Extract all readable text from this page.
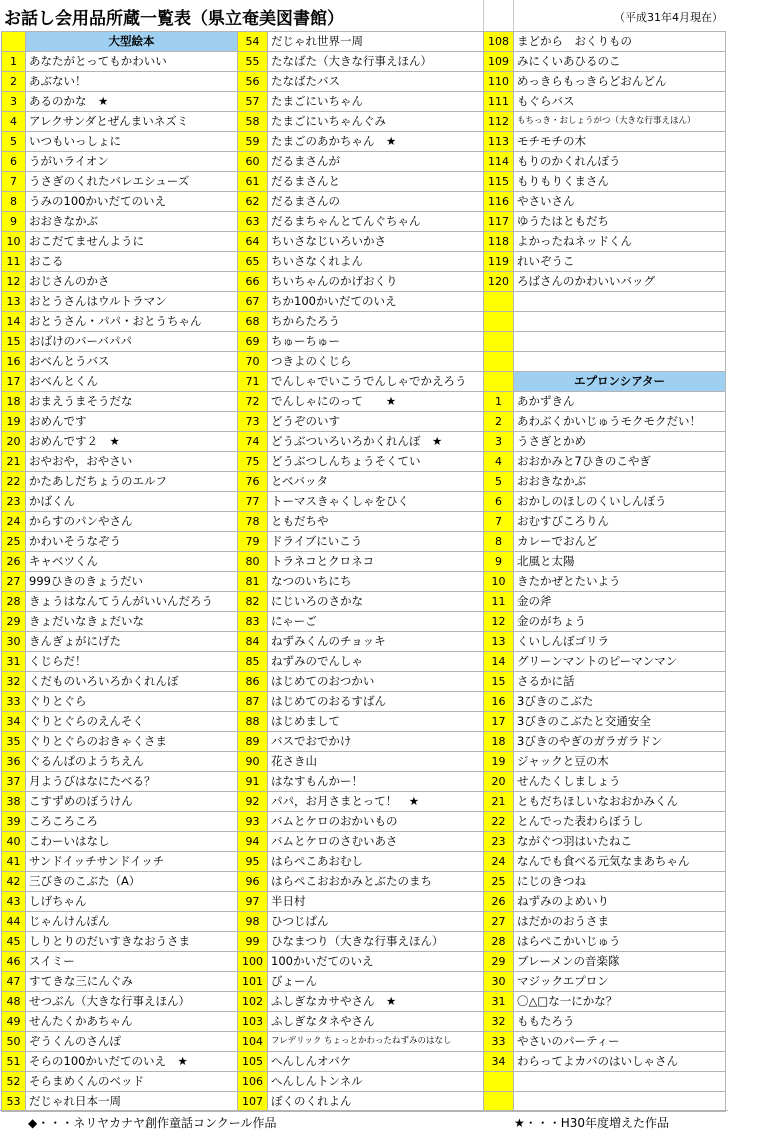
お話し会用品所蔵一覧表（県立奄美図書館）	（平成31年4月現在）
	大型絵本	54	だじゃれ世界一周	108	まどから　おくりもの
1	あなたがとってもかわいい	55	たなばた（大きな行事えほん）	109	みにくいあひるのこ
2	あぶない！	56	たなばたバス	110	めっきらもっきらどおんどん
3	あるのかな　★	57	たまごにいちゃん	111	もぐらバス
4	アレクサンダとぜんまいネズミ	58	たまごにいちゃんぐみ	112	もちっき・おしょうがつ（大きな行事えほん）
5	いつもいっしょに	59	たまごのあかちゃん　★	113	モチモチの木
6	うがいライオン	60	だるまさんが	114	もりのかくれんぼう
7	うさぎのくれたバレエシューズ	61	だるまさんと	115	もりもりくまさん
8	うみの100かいだてのいえ	62	だるまさんの	116	やさいさん
9	おおきなかぶ	63	だるまちゃんとてんぐちゃん	117	ゆうたはともだち
10	おこだてませんように	64	ちいさなじいろいかさ	118	よかったねネッドくん
11	おこる	65	ちいさなくれよん	119	れいぞうこ
12	おじさんのかさ	66	ちいちゃんのかげおくり	120	ろばさんのかわいいバッグ
13	おとうさんはウルトラマン	67	ちか100かいだてのいえ		
14	おとうさん・パパ・おとうちゃん	68	ちからたろう		
15	おばけのバーバパパ	69	ちゅーちゅー		
16	おべんとうバス	70	つきよのくじら		
17	おべんとくん	71	でんしゃでいこうでんしゃでかえろう		エプロンシアター
18	おまえうまそうだな	72	でんしゃにのって　　★	1	あかずきん
19	おめんです	73	どうぞのいす	2	あわぶくかいじゅうモクモクだい！
20	おめんです２　★	74	どうぶついろいろかくれんぼ　★	3	うさぎとかめ
21	おやおや，おやさい	75	どうぶつしんちょうそくてい	4	おおかみと7ひきのこやぎ
22	かたあしだちょうのエルフ	76	とべバッタ	5	おおきなかぶ
23	かばくん	77	トーマスきゃくしゃをひく	6	おかしのほしのくいしんぼう
24	からすのパンやさん	78	ともだちや	7	おむすびころりん
25	かわいそうなぞう	79	ドライブにいこう	8	カレーでおんど
26	キャベツくん	80	トラネコとクロネコ	9	北風と太陽
27	999ひきのきょうだい	81	なつのいちにち	10	きたかぜとたいよう
28	きょうはなんてうんがいいんだろう	82	にじいろのさかな	11	金の斧
29	きょだいなきょだいな	83	にゃーご	12	金のがちょう
30	きんぎょがにげた	84	ねずみくんのチョッキ	13	くいしんぼゴリラ
31	くじらだ！	85	ねずみのでんしゃ	14	グリーンマントのピーマンマン
32	くだものいろいろかくれんぼ	86	はじめてのおつかい	15	さるかに話
33	ぐりとぐら	87	はじめてのおるすばん	16	3びきのこぶた
34	ぐりとぐらのえんそく	88	はじめまして	17	3びきのこぶたと交通安全
35	ぐりとぐらのおきゃくさま	89	バスでおでかけ	18	3びきのやぎのガラガラドン
36	ぐるんぱのようちえん	90	花さき山	19	ジャックと豆の木
37	月ようびはなにたべる？	91	はなすもんかー！	20	せんたくしましょう
38	こすずめのぼうけん	92	パパ，お月さまとって！　★	21	ともだちほしいなおおかみくん
39	ころころころ	93	バムとケロのおかいもの	22	とんでった表わらぼうし
40	こわーいはなし	94	バムとケロのさむいあさ	23	ながぐつ羽はいたねこ
41	サンドイッチサンドイッチ	95	はらぺこあおむし	24	なんでも食べる元気なまあちゃん
42	三びきのこぶた（A）	96	はらぺこおおかみとぶたのまち	25	にじのきつね
43	しげちゃん	97	半日村	26	ねずみのよめいり
44	じゃんけんぽん	98	ひつじぱん	27	はだかのおうさま
45	しりとりのだいすきなおうさま	99	ひなまつり（大きな行事えほん）	28	はらぺこかいじゅう
46	スイミー	100	100かいだてのいえ	29	ブレーメンの音楽隊
47	すてきな三にんぐみ	101	びょーん	30	マジックエプロン
48	せつぶん（大きな行事えほん）	102	ふしぎなカサやさん　★	31	〇△□な一にかな？
49	せんたくかあちゃん	103	ふしぎなタネやさん	32	ももたろう
50	ぞうくんのさんぽ	104	フレデリック ちょっとかわったねずみのはなし	33	やさいのパーティー
51	そらの100かいだてのいえ　★	105	へんしんオバケ	34	わらってよカバのはいしゃさん
52	そらまめくんのベッド	106	へんしんトンネル		
53	だじゃれ日本一周	107	ぼくのくれよん		
◆・・・ネリヤカナヤ創作童話コンクール作品	★・・・H30年度増えた作品
